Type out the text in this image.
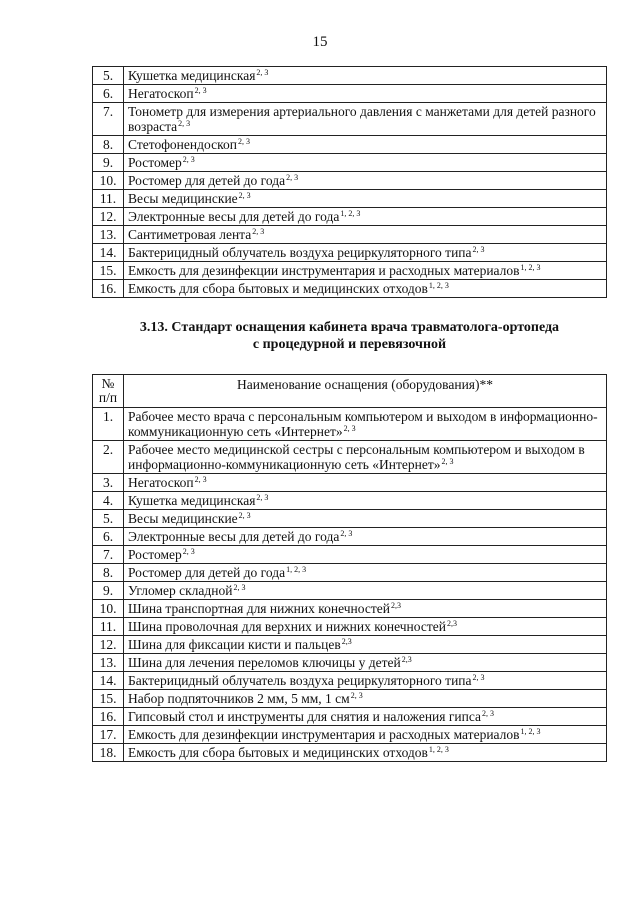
15
5.	Кушетка медицинская$^{2, 3}$
6.	Негатоскоп$^{2, 3}$
7.	Тонометр для измерения артериального давления с манжетами для детей разного возраста$^{2, 3}$
8.	Стетофонендоскоп$^{2, 3}$
9.	Ростомер$^{2, 3}$
10.	Ростомер для детей до года$^{2, 3}$
11.	Весы медицинские$^{2, 3}$
12.	Электронные весы для детей до года$^{1, 2, 3}$
13.	Сантиметровая лента$^{2, 3}$
14.	Бактерицидный облучатель воздуха рециркуляторного типа$^{2, 3}$
15.	Емкость для дезинфекции инструментария и расходных материалов$^{1, 2, 3}$
16.	Емкость для сбора бытовых и медицинских отходов$^{1, 2, 3}$
3.13. Стандарт оснащения кабинета врача травматолога-ортопеда
с процедурной и перевязочной
№
п/п	Наименование оснащения (оборудования)**
1.	Рабочее место врача с персональным компьютером и выходом в информационно-коммуникационную сеть «Интернет»$^{2, 3}$
2.	Рабочее место медицинской сестры с персональным компьютером и выходом в информационно-коммуникационную сеть «Интернет»$^{2, 3}$
3.	Негатоскоп$^{2, 3}$
4.	Кушетка медицинская$^{2, 3}$
5.	Весы медицинские$^{2, 3}$
6.	Электронные весы для детей до года$^{2, 3}$
7.	Ростомер$^{2, 3}$
8.	Ростомер для детей до года$^{1, 2, 3}$
9.	Угломер складной$^{2, 3}$
10.	Шина транспортная для нижних конечностей$^{2,3}$
11.	Шина проволочная для верхних и нижних конечностей$^{2,3}$
12.	Шина для фиксации кисти и пальцев$^{2,3}$
13.	Шина для лечения переломов ключицы у детей$^{2,3}$
14.	Бактерицидный облучатель воздуха рециркуляторного типа$^{2, 3}$
15.	Набор подпяточников 2 мм, 5 мм, 1 см$^{2, 3}$
16.	Гипсовый стол и инструменты для снятия и наложения гипса$^{2, 3}$
17.	Емкость для дезинфекции инструментария и расходных материалов$^{1, 2, 3}$
18.	Емкость для сбора бытовых и медицинских отходов$^{1, 2, 3}$
